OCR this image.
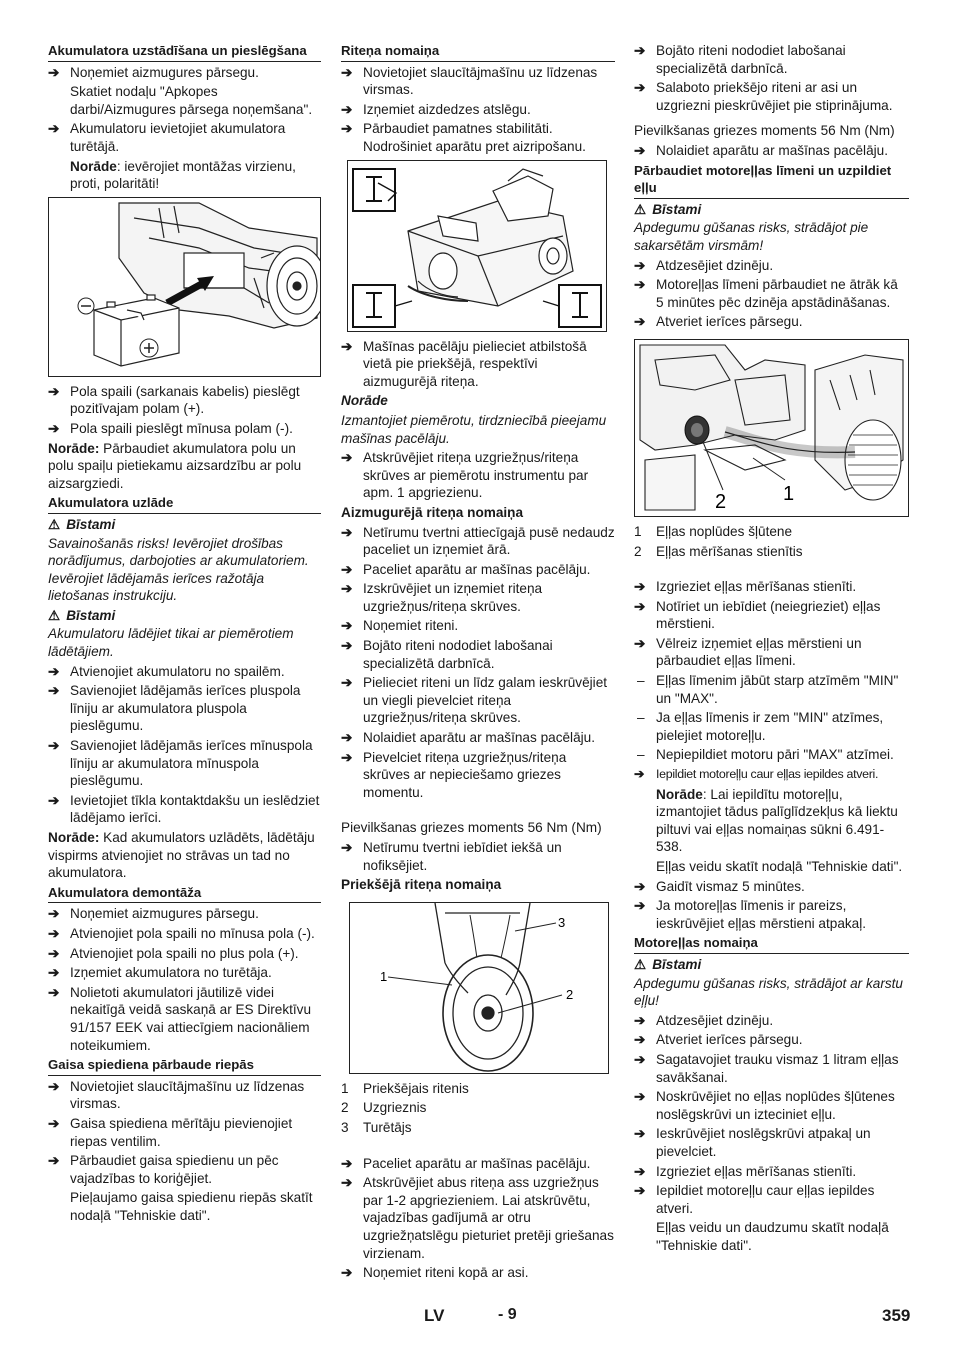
Akumulatora uzstādīšana un pieslēgšana
➔ Noņemiet aizmugures pārsegu.
Skatiet nodaļu "Apkopes darbi/Aizmugures pārsega noņemšana".
➔ Akumulatoru ievietojiet akumulatora turētājā.
Norāde: ievērojiet montāžas virzienu, proti, polaritāti!
➔ Pola spaili (sarkanais kabelis) pieslēgt pozitīvajam polam (+).
➔ Pola spaili pieslēgt mīnusa polam (-).
Norāde: Pārbaudiet akumulatora polu un polu spaiļu pietiekamu aizsardzību ar polu aizsargziedi.
Akumulatora uzlāde
⚠ Bīstami
Savainošanās risks! Ievērojiet drošības norādījumus, darbojoties ar akumulatoriem. Ievērojiet lādējamās ierīces ražotāja lietošanas instrukciju.
⚠ Bīstami
Akumulatoru lādējiet tikai ar piemērotiem lādētājiem.
➔ Atvienojiet akumulatoru no spailēm.
➔ Savienojiet lādējamās ierīces pluspola līniju ar akumulatora pluspola pieslēgumu.
➔ Savienojiet lādējamās ierīces mīnuspola līniju ar akumulatora mīnuspola pieslēgumu.
➔ Ievietojiet tīkla kontaktdakšu un ieslēdziet lādējamo ierīci.
Norāde: Kad akumulators uzlādēts, lādētāju vispirms atvienojiet no strāvas un tad no akumulatora.
Akumulatora demontāža
➔ Noņemiet aizmugures pārsegu.
➔ Atvienojiet pola spaili no mīnusa pola (-).
➔ Atvienojiet pola spaili no plus pola (+).
➔ Izņemiet akumulatora no turētāja.
➔ Nolietoti akumulatori jāutilizē videi nekaitīgā veidā saskaņā ar ES Direktīvu 91/157 EEK vai attiecīgiem nacionāliem noteikumiem.
Gaisa spiediena pārbaude riepās
➔ Novietojiet slaucītājmašīnu uz līdzenas virsmas.
➔ Gaisa spiediena mērītāju pievienojiet riepas ventilim.
➔ Pārbaudiet gaisa spiedienu un pēc vajadzības to koriģējiet.
Pieļaujamo gaisa spiedienu riepās skatīt nodaļā "Tehniskie dati".
Riteņa nomaiņa
➔ Novietojiet slaucītājmašīnu uz līdzenas virsmas.
➔ Izņemiet aizdedzes atslēgu.
➔ Pārbaudiet pamatnes stabilitāti. Nodrošiniet aparātu pret aizripošanu.
➔ Mašīnas pacēlāju pielieciet atbilstošā vietā pie priekšējā, respektīvi aizmugurējā riteņa.
Norāde
Izmantojiet piemērotu, tirdzniecībā pieejamu mašīnas pacēlāju.
➔ Atskrūvējiet riteņa uzgriežņus/riteņa skrūves ar piemērotu instrumentu par apm. 1 apgriezienu.
Aizmugurējā riteņa nomaiņa
➔ Netīrumu tvertni attiecīgajā pusē nedaudz paceliet un izņemiet ārā.
➔ Paceliet aparātu ar mašīnas pacēlāju.
➔ Izskrūvējiet un izņemiet riteņa uzgriežņus/riteņa skrūves.
➔ Noņemiet riteni.
➔ Bojāto riteni nododiet labošanai specializētā darbnīcā.
➔ Pielieciet riteni un līdz galam ieskrūvējiet un viegli pievelciet riteņa uzgriežņus/riteņa skrūves.
➔ Nolaidiet aparātu ar mašīnas pacēlāju.
➔ Pievelciet riteņa uzgriežņus/riteņa skrūves ar nepieciešamo griezes momentu.
Pievilkšanas griezes moments 56 Nm (Nm)
➔ Netīrumu tvertni iebīdiet iekšā un nofiksējiet.
Priekšējā riteņa nomaiņa
1
2
3
1 Priekšējais ritenis
2 Uzgrieznis
3 Turētājs
➔ Paceliet aparātu ar mašīnas pacēlāju.
➔ Atskrūvējiet abus riteņa ass uzgriežņus par 1-2 apgriezieniem. Lai atskrūvētu, vajadzības gadījumā ar otru uzgriežņatslēgu pieturiet pretēji griešanas virzienam.
➔ Noņemiet riteni kopā ar asi.
➔ Bojāto riteni nododiet labošanai specializētā darbnīcā.
➔ Salaboto priekšējo riteni ar asi un uzgriezni pieskrūvējiet pie stiprinājuma.
Pievilkšanas griezes moments 56 Nm (Nm)
➔ Nolaidiet aparātu ar mašīnas pacēlāju.
Pārbaudiet motoreļļas līmeni un uzpildiet eļļu
⚠ Bīstami
Apdegumu gūšanas risks, strādājot pie sakarsētām virsmām!
➔ Atdzesējiet dzinēju.
➔ Motoreļļas līmeni pārbaudiet ne ātrāk kā 5 minūtes pēc dzinēja apstādināšanas.
➔ Atveriet ierīces pārsegu.
1
2
1 Eļļas noplūdes šļūtene
2 Eļļas mērīšanas stienītis
➔ Izgrieziet eļļas mērīšanas stienīti.
➔ Notīriet un iebīdiet (neiegrieziet) eļļas mērstieni.
➔ Vēlreiz izņemiet eļļas mērstieni un pārbaudiet eļļas līmeni.
– Eļļas līmenim jābūt starp atzīmēm "MIN" un "MAX".
– Ja eļļas līmenis ir zem "MIN" atzīmes, pielejiet motoreļļu.
– Nepiepildiet motoru pāri "MAX" atzīmei.
➔ Iepildiet motoreļļu caur eļļas iepildes atveri.
Norāde: Lai iepildītu motoreļļu, izmantojiet tādus palīglīdzekļus kā liektu piltuvi vai eļļas nomaiņas sūkni 6.491-538.
Eļļas veidu skatīt nodaļā "Tehniskie dati".
➔ Gaidīt vismaz 5 minūtes.
➔ Ja motoreļļas līmenis ir pareizs, ieskrūvējiet eļļas mērstieni atpakaļ.
Motoreļļas nomaiņa
⚠ Bīstami
Apdegumu gūšanas risks, strādājot ar karstu eļļu!
➔ Atdzesējiet dzinēju.
➔ Atveriet ierīces pārsegu.
➔ Sagatavojiet trauku vismaz 1 litram eļļas savākšanai.
➔ Noskrūvējiet no eļļas noplūdes šļūtenes noslēgskrūvi un izteciniet eļļu.
➔ Ieskrūvējiet noslēgskrūvi atpakaļ un pievelciet.
➔ Izgrieziet eļļas mērīšanas stienīti.
➔ Iepildiet motoreļļu caur eļļas iepildes atveri.
Eļļas veidu un daudzumu skatīt nodaļā "Tehniskie dati".
LV	- 9	359
